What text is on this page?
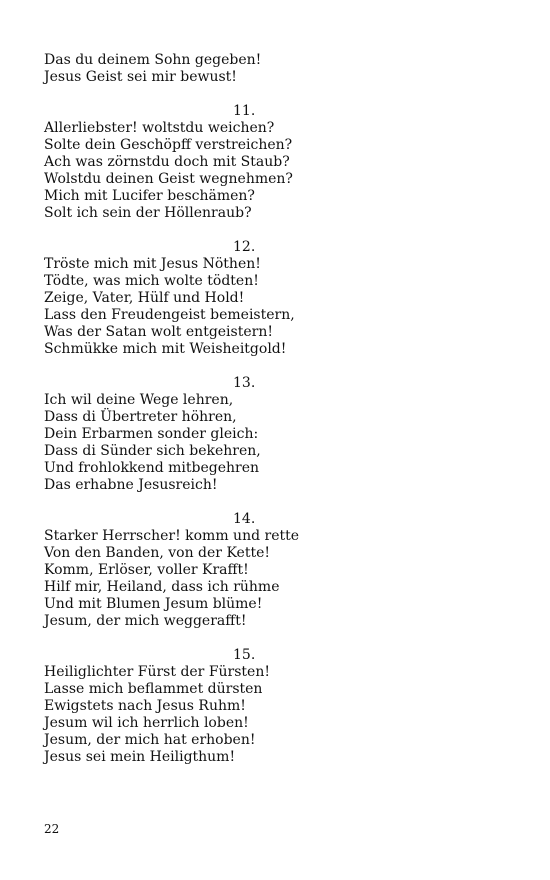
Das du deinem Sohn gegeben!
Jesus Geist sei mir bewust!
11.
Allerliebster! woltstdu weichen?
Solte dein Geschöpff verstreichen?
Ach was zörnstdu doch mit Staub?
Wolstdu deinen Geist wegnehmen?
Mich mit Lucifer beschämen?
Solt ich sein der Höllenraub?
12.
Tröste mich mit Jesus Nöthen!
Tödte, was mich wolte tödten!
Zeige, Vater, Hülf und Hold!
Lass den Freudengeist bemeistern,
Was der Satan wolt entgeistern!
Schmükke mich mit Weisheitgold!
13.
Ich wil deine Wege lehren,
Dass di Übertreter höhren,
Dein Erbarmen sonder gleich:
Dass di Sünder sich bekehren,
Und frohlokkend mitbegehren
Das erhabne Jesusreich!
14.
Starker Herrscher! komm und rette
Von den Banden, von der Kette!
Komm, Erlöser, voller Krafft!
Hilf mir, Heiland, dass ich rühme
Und mit Blumen Jesum blüme!
Jesum, der mich weggerafft!
15.
Heiliglichter Fürst der Fürsten!
Lasse mich beflammet dürsten
Ewigstets nach Jesus Ruhm!
Jesum wil ich herrlich loben!
Jesum, der mich hat erhoben!
Jesus sei mein Heiligthum!
22
